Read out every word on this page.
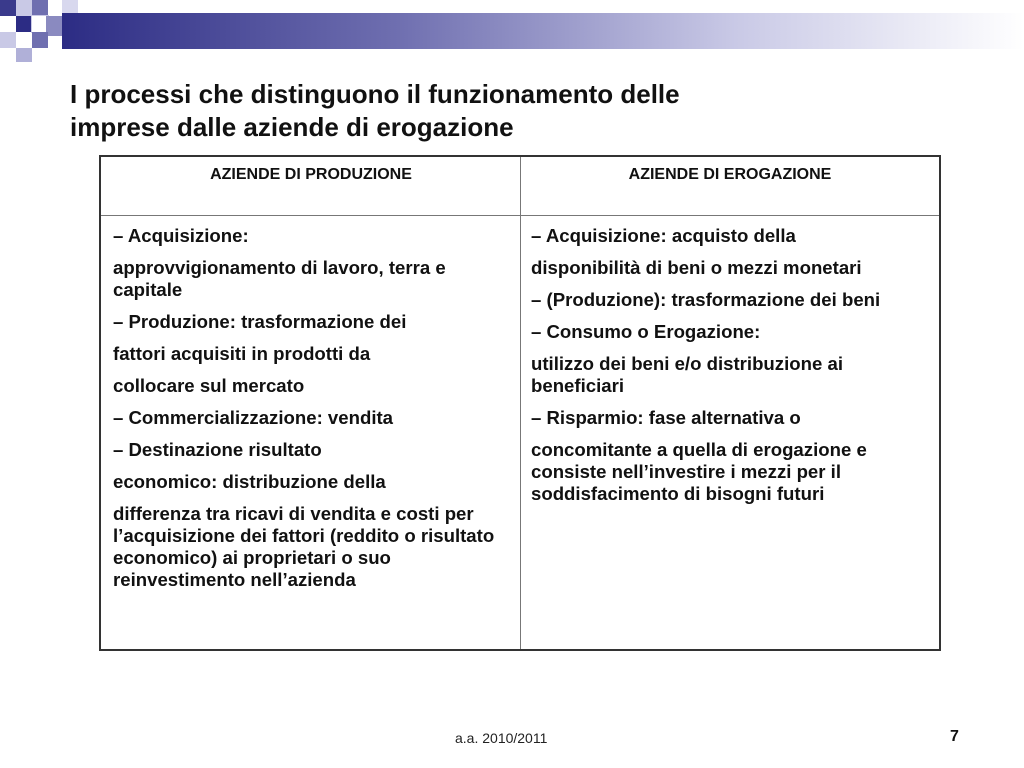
I processi che distinguono il funzionamento delle
imprese dalle aziende di erogazione
AZIENDE DI PRODUZIONE	AZIENDE DI EROGAZIONE

– Acquisizione:

approvvigionamento di lavoro, terra e capitale

– Produzione: trasformazione dei

fattori acquisiti in prodotti da

collocare sul mercato

– Commercializzazione: vendita

– Destinazione risultato

economico: distribuzione della

differenza tra ricavi di vendita e costi per l’acquisizione dei fattori (reddito o risultato economico) ai proprietari o suo reinvestimento nell’azienda

– Acquisizione: acquisto della

disponibilità di beni o mezzi monetari

– (Produzione): trasformazione dei beni

– Consumo o Erogazione:

utilizzo dei beni e/o distribuzione ai beneficiari

– Risparmio: fase alternativa o

concomitante a quella di erogazione e consiste nell’investire i mezzi per il soddisfacimento di bisogni futuri

a.a. 2010/2011	7
